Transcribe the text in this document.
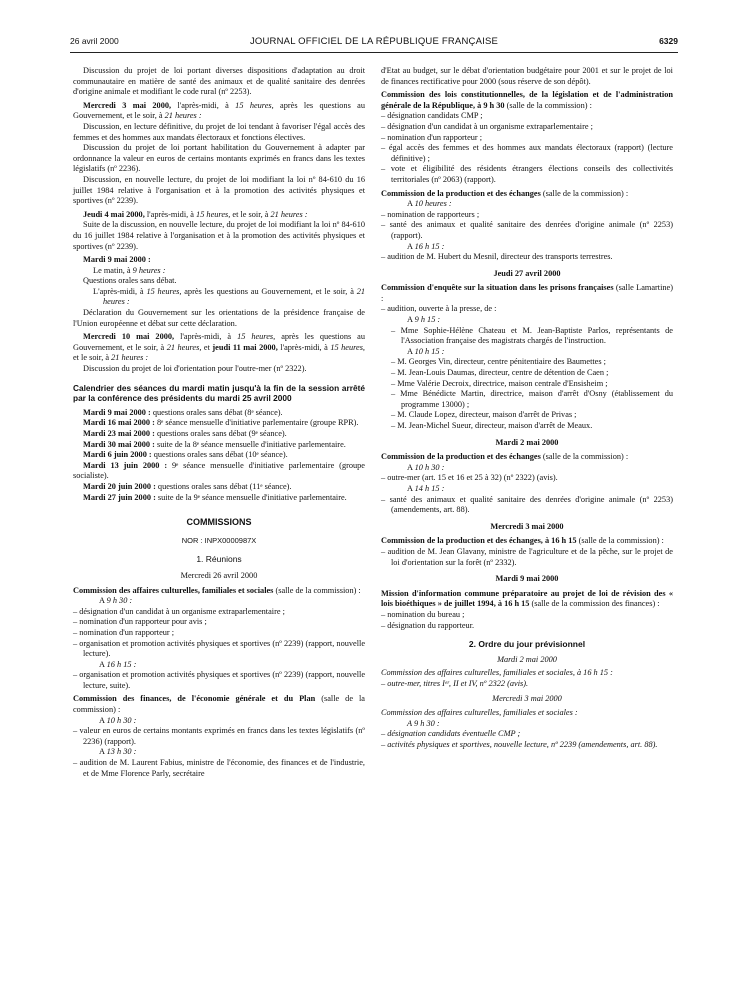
26 avril 2000	JOURNAL OFFICIEL DE LA RÉPUBLIQUE FRANÇAISE	6329

Discussion du projet de loi portant diverses dispositions d'adaptation au droit communautaire en matière de santé des animaux et de qualité sanitaire des denrées d'origine animale et modifiant le code rural (nº 2253).

Mercredi 3 mai 2000, l'après-midi, à 15 heures, après les questions au Gouvernement, et le soir, à 21 heures :

Discussion, en lecture définitive, du projet de loi tendant à favoriser l'égal accès des femmes et des hommes aux mandats électoraux et fonctions électives.

Discussion du projet de loi portant habilitation du Gouvernement à adapter par ordonnance la valeur en euros de certains montants exprimés en francs dans les textes législatifs (nº 2236).

Discussion, en nouvelle lecture, du projet de loi modifiant la loi nº 84-610 du 16 juillet 1984 relative à l'organisation et à la promotion des activités physiques et sportives (nº 2239).

Jeudi 4 mai 2000, l'après-midi, à 15 heures, et le soir, à 21 heures :

Suite de la discussion, en nouvelle lecture, du projet de loi modifiant la loi nº 84-610 du 16 juillet 1984 relative à l'organisation et à la promotion des activités physiques et sportives (nº 2239).

Mardi 9 mai 2000 :

Le matin, à 9 heures :

Questions orales sans débat.

L'après-midi, à 15 heures, après les questions au Gouvernement, et le soir, à 21 heures :

Déclaration du Gouvernement sur les orientations de la présidence française de l'Union européenne et débat sur cette déclaration.

Mercredi 10 mai 2000, l'après-midi, à 15 heures, après les questions au Gouvernement, et le soir, à 21 heures, et jeudi 11 mai 2000, l'après-midi, à 15 heures, et le soir, à 21 heures :

Discussion du projet de loi d'orientation pour l'outre-mer (nº 2322).

Calendrier des séances du mardi matin jusqu'à la fin de la session arrêté par la conférence des présidents du mardi 25 avril 2000

Mardi 9 mai 2000 : questions orales sans débat (8ᵉ séance).

Mardi 16 mai 2000 : 8ᵉ séance mensuelle d'initiative parlementaire (groupe RPR).

Mardi 23 mai 2000 : questions orales sans débat (9ᵉ séance).

Mardi 30 mai 2000 : suite de la 8ᵉ séance mensuelle d'initiative parlementaire.

Mardi 6 juin 2000 : questions orales sans débat (10ᵉ séance).

Mardi 13 juin 2000 : 9ᵉ séance mensuelle d'initiative parlementaire (groupe socialiste).

Mardi 20 juin 2000 : questions orales sans débat (11ᵉ séance).

Mardi 27 juin 2000 : suite de la 9ᵉ séance mensuelle d'initiative parlementaire.

COMMISSIONS
NOR : INPX0000987X
1. Réunions
Mercredi 26 avril 2000

Commission des affaires culturelles, familiales et sociales (salle de la commission) :

A 9 h 30 :

– désignation d'un candidat à un organisme extraparlementaire ;

– nomination d'un rapporteur pour avis ;

– nomination d'un rapporteur ;

– organisation et promotion activités physiques et sportives (nº 2239) (rapport, nouvelle lecture).

A 16 h 15 :

– organisation et promotion activités physiques et sportives (nº 2239) (rapport, nouvelle lecture, suite).

Commission des finances, de l'économie générale et du Plan (salle de la commission) :

A 10 h 30 :

– valeur en euros de certains montants exprimés en francs dans les textes législatifs (nº 2236) (rapport).

A 13 h 30 :

– audition de M. Laurent Fabius, ministre de l'économie, des finances et de l'industrie, et de Mme Florence Parly, secrétaire

d'Etat au budget, sur le débat d'orientation budgétaire pour 2001 et sur le projet de loi de finances rectificative pour 2000 (sous réserve de son dépôt).

Commission des lois constitutionnelles, de la législation et de l'administration générale de la République, à 9 h 30 (salle de la commission) :

– désignation candidats CMP ;

– désignation d'un candidat à un organisme extraparlementaire ;

– nomination d'un rapporteur ;

– égal accès des femmes et des hommes aux mandats électoraux (rapport) (lecture définitive) ;

– vote et éligibilité des résidents étrangers élections conseils des collectivités territoriales (nº 2063) (rapport).

Commission de la production et des échanges (salle de la commission) :

A 10 heures :

– nomination de rapporteurs ;

– santé des animaux et qualité sanitaire des denrées d'origine animale (nº 2253) (rapport).

A 16 h 15 :

– audition de M. Hubert du Mesnil, directeur des transports terrestres.

Jeudi 27 avril 2000

Commission d'enquête sur la situation dans les prisons françaises (salle Lamartine) :

– audition, ouverte à la presse, de :

A 9 h 15 :

– Mme Sophie-Hélène Chateau et M. Jean-Baptiste Parlos, représentants de l'Association française des magistrats chargés de l'instruction.

A 10 h 15 :

– M. Georges Vin, directeur, centre pénitentiaire des Baumettes ;

– M. Jean-Louis Daumas, directeur, centre de détention de Caen ;

– Mme Valérie Decroix, directrice, maison centrale d'Ensisheim ;

– Mme Bénédicte Martin, directrice, maison d'arrêt d'Osny (établissement du programme 13000) ;

– M. Claude Lopez, directeur, maison d'arrêt de Privas ;

– M. Jean-Michel Sueur, directeur, maison d'arrêt de Meaux.

Mardi 2 mai 2000

Commission de la production et des échanges (salle de la commission) :

A 10 h 30 :

– outre-mer (art. 15 et 16 et 25 à 32) (nº 2322) (avis).

A 14 h 15 :

– santé des animaux et qualité sanitaire des denrées d'origine animale (nº 2253) (amendements, art. 88).

Mercredi 3 mai 2000

Commission de la production et des échanges, à 16 h 15 (salle de la commission) :

– audition de M. Jean Glavany, ministre de l'agriculture et de la pêche, sur le projet de loi d'orientation sur la forêt (nº 2332).

Mardi 9 mai 2000

Mission d'information commune préparatoire au projet de loi de révision des « lois bioéthiques » de juillet 1994, à 16 h 15 (salle de la commission des finances) :

– nomination du bureau ;

– désignation du rapporteur.

2. Ordre du jour prévisionnel
Mardi 2 mai 2000

Commission des affaires culturelles, familiales et sociales, à 16 h 15 :

– outre-mer, titres Iᵉʳ, II et IV, nº 2322 (avis).

Mercredi 3 mai 2000

Commission des affaires culturelles, familiales et sociales :

A 9 h 30 :

– désignation candidats éventuelle CMP ;

– activités physiques et sportives, nouvelle lecture, nº 2239 (amendements, art. 88).
